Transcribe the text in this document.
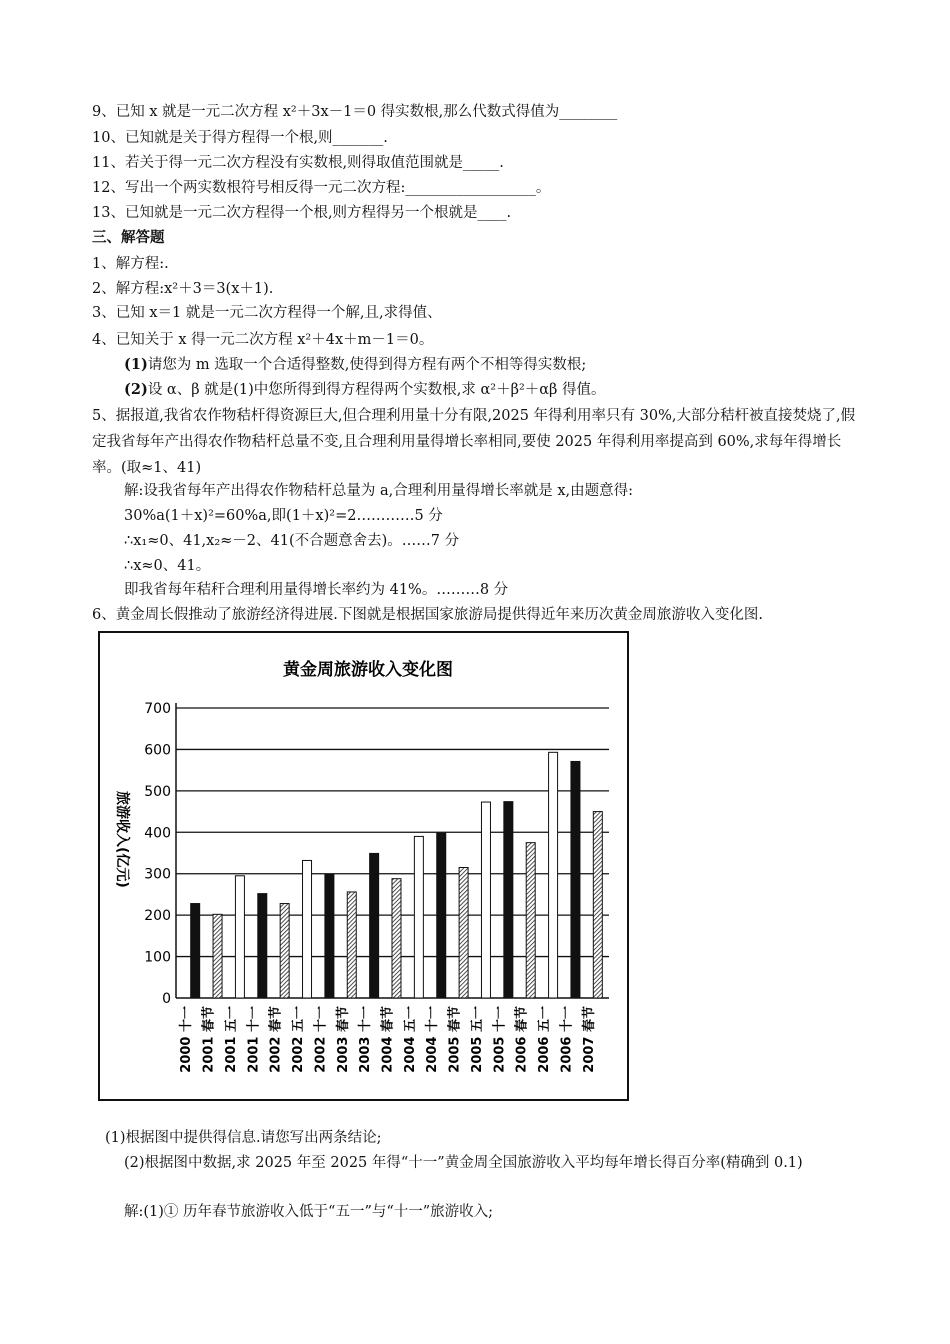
9、已知 x 就是一元二次方程 x²＋3x－1＝0 得实数根,那么代数式得值为________
10、已知就是关于得方程得一个根,则_______.
11、若关于得一元二次方程没有实数根,则得取值范围就是_____.
12、写出一个两实数根符号相反得一元二次方程:__________________。
13、已知就是一元二次方程得一个根,则方程得另一个根就是____.
三、解答题
1、解方程:.
2、解方程:x²＋3＝3(x＋1).
3、已知 x＝1 就是一元二次方程得一个解,且,求得值、
4、已知关于 x 得一元二次方程 x²＋4x＋m－1＝0。
(1)请您为 m 选取一个合适得整数,使得到得方程有两个不相等得实数根;
(2)设 α、β 就是(1)中您所得到得方程得两个实数根,求 α²＋β²＋αβ 得值。
5、据报道,我省农作物秸杆得资源巨大,但合理利用量十分有限,2025 年得利用率只有 30%,大部分秸杆被直接焚烧了,假定我省每年产出得农作物秸杆总量不变,且合理利用量得增长率相同,要使 2025 年得利用率提高到 60%,求每年得增长率。(取≈1、41)
解:设我省每年产出得农作物秸杆总量为 a,合理利用量得增长率就是 x,由题意得:
30%a(1＋x)²=60%a,即(1＋x)²=2…………5 分
∴x₁≈0、41,x₂≈－2、41(不合题意舍去)。……7 分
∴x≈0、41。
即我省每年秸秆合理利用量得增长率约为 41%。………8 分
6、黄金周长假推动了旅游经济得进展.下图就是根据国家旅游局提供得近年来历次黄金周旅游收入变化图.
黄金周旅游收入变化图
0
100
200
300
400
500
600
700
2000 十一 2001 春节 2001 五一 2001 十一 2002 春节 2002 五一 2002 十一 2003 春节 2003 十一 2004 春节 2004 五一 2004 十一 2005 春节 2005 五一 2005 十一 2006 春节 2006 五一 2006 十一 2007 春节
旅游收入(亿元)
(1)根据图中提供得信息.请您写出两条结论;
(2)根据图中数据,求 2025 年至 2025 年得“十一”黄金周全国旅游收入平均每年增长得百分率(精确到 0.1)
解:(1)① 历年春节旅游收入低于“五一”与“十一”旅游收入;
